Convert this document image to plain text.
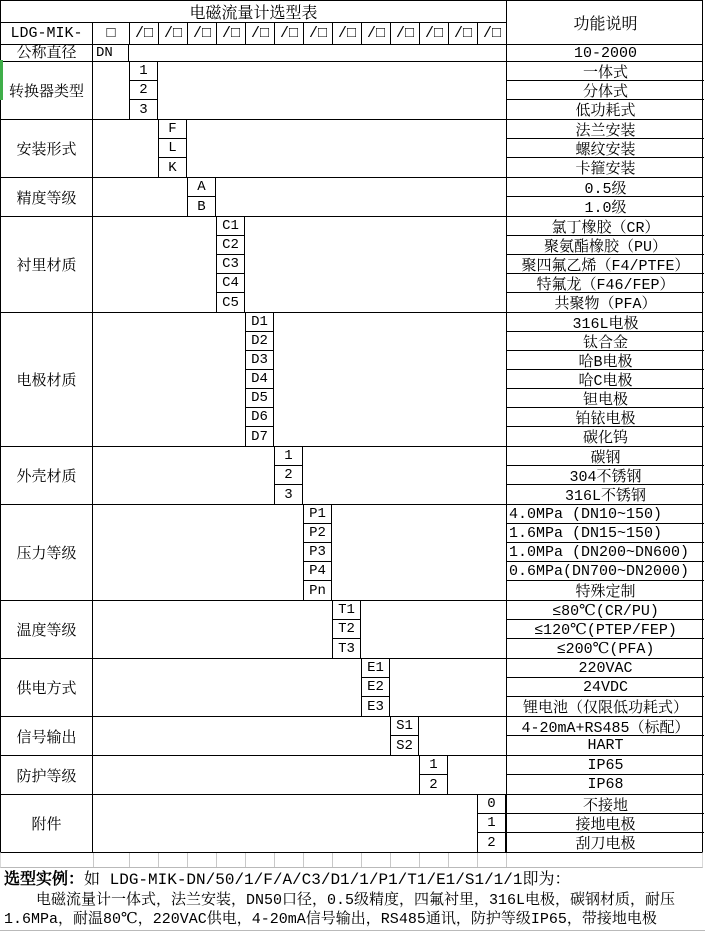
电磁流量计选型表
功能说明
LDG-MIK-	□	/□ /□ /□ /□ /□ /□ /□ /□ /□ /□ /□ /□ /□
公称直径	DN	10-2000
转换器类型
1	一体式
2	分体式
3	低功耗式
安装形式
F	法兰安装
L	螺纹安装
K	卡箍安装
精度等级
A	0.5级
B	1.0级
衬里材质
C1	氯丁橡胶（CR）
C2	聚氨酯橡胶（PU）
C3	聚四氟乙烯（F4/PTFE）
C4	特氟龙（F46/FEP）
C5	共聚物（PFA）
电极材质
D1	316L电极
D2	钛合金
D3	哈B电极
D4	哈C电极
D5	钽电极
D6	铂铱电极
D7	碳化钨
外壳材质
1	碳钢
2	304不锈钢
3	316L不锈钢
压力等级
P1	4.0MPa (DN10~150)
P2	1.6MPa (DN15~150)
P3	1.0MPa (DN200~DN600)
P4	0.6MPa(DN700~DN2000)
Pn	特殊定制
温度等级
T1	≤80℃(CR/PU)
T2	≤120℃(PTEP/FEP)
T3	≤200℃(PFA)
供电方式
E1	220VAC
E2	24VDC
E3	锂电池（仅限低功耗式）
信号输出
S1	4-20mA+RS485（标配）
S2	HART
防护等级
1	IP65
2	IP68
附件
0	不接地
1	接地电极
2	刮刀电极
选型实例：如 LDG-MIK-DN/50/1/F/A/C3/D1/1/P1/T1/E1/S1/1/1即为：
电磁流量计一体式，法兰安装，DN50口径，0.5级精度，四氟衬里，316L电极，碳钢材质，耐压
1.6MPa，耐温80℃，220VAC供电，4-20mA信号输出，RS485通讯，防护等级IP65，带接地电极
